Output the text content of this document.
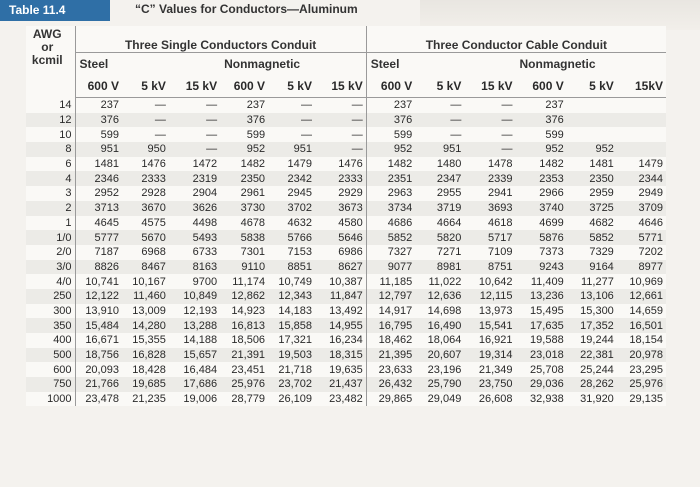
Table 11.4	“C” Values for Conductors—Aluminum
AWG or kcmil	Three Single Conductors Conduit						Three Conductor Cable Conduit					
	Steel			Nonmagnetic			Steel			Nonmagnetic		
	600 V	5 kV	15 kV	600 V	5 kV	15 kV	600 V	5 kV	15 kV	600 V	5 kV	15kV
14	237	—	—	237	—	—	237	—	—	237		
12	376	—	—	376	—	—	376	—	—	376		
10	599	—	—	599	—	—	599	—	—	599		
8	951	950	—	952	951	—	952	951	—	952	952	
6	1481	1476	1472	1482	1479	1476	1482	1480	1478	1482	1481	1479
4	2346	2333	2319	2350	2342	2333	2351	2347	2339	2353	2350	2344
3	2952	2928	2904	2961	2945	2929	2963	2955	2941	2966	2959	2949
2	3713	3670	3626	3730	3702	3673	3734	3719	3693	3740	3725	3709
1	4645	4575	4498	4678	4632	4580	4686	4664	4618	4699	4682	4646
1/0	5777	5670	5493	5838	5766	5646	5852	5820	5717	5876	5852	5771
2/0	7187	6968	6733	7301	7153	6986	7327	7271	7109	7373	7329	7202
3/0	8826	8467	8163	9110	8851	8627	9077	8981	8751	9243	9164	8977
4/0	10,741	10,167	9700	11,174	10,749	10,387	11,185	11,022	10,642	11,409	11,277	10,969
250	12,122	11,460	10,849	12,862	12,343	11,847	12,797	12,636	12,115	13,236	13,106	12,661
300	13,910	13,009	12,193	14,923	14,183	13,492	14,917	14,698	13,973	15,495	15,300	14,659
350	15,484	14,280	13,288	16,813	15,858	14,955	16,795	16,490	15,541	17,635	17,352	16,501
400	16,671	15,355	14,188	18,506	17,321	16,234	18,462	18,064	16,921	19,588	19,244	18,154
500	18,756	16,828	15,657	21,391	19,503	18,315	21,395	20,607	19,314	23,018	22,381	20,978
600	20,093	18,428	16,484	23,451	21,718	19,635	23,633	23,196	21,349	25,708	25,244	23,295
750	21,766	19,685	17,686	25,976	23,702	21,437	26,432	25,790	23,750	29,036	28,262	25,976
1000	23,478	21,235	19,006	28,779	26,109	23,482	29,865	29,049	26,608	32,938	31,920	29,135
